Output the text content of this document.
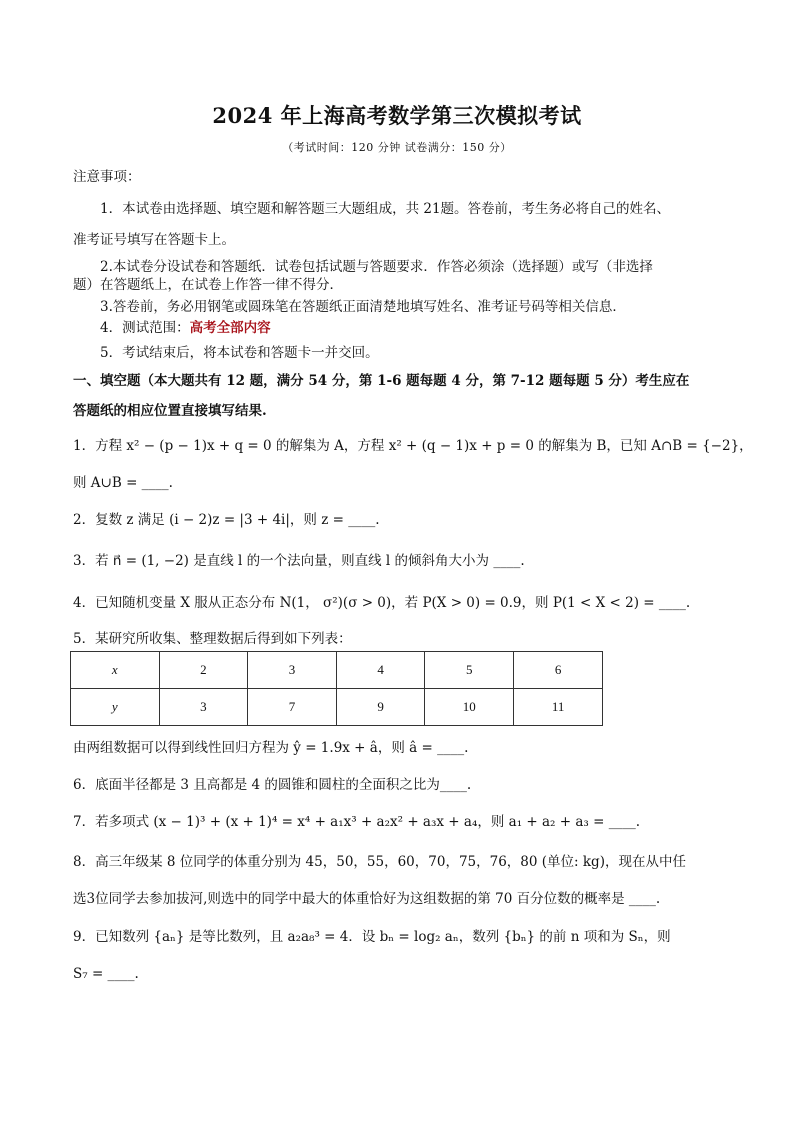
2024 年上海高考数学第三次模拟考试
（考试时间：120 分钟 试卷满分：150 分）
注意事项：
1．本试卷由选择题、填空题和解答题三大题组成，共 21题。答卷前，考生务必将自己的姓名、
准考证号填写在答题卡上。
2.本试卷分设试卷和答题纸．试卷包括试题与答题要求．作答必须涂（选择题）或写（非选择
题）在答题纸上，在试卷上作答一律不得分．
3.答卷前，务必用钢笔或圆珠笔在答题纸正面清楚地填写姓名、准考证号码等相关信息．
4．测试范围：高考全部内容
5．考试结束后，将本试卷和答题卡一并交回。
一、填空题（本大题共有 12 题，满分 54 分，第 1-6 题每题 4 分，第 7-12 题每题 5 分）考生应在
答题纸的相应位置直接填写结果.
1．方程 x² − (p − 1)x + q = 0 的解集为 A，方程 x² + (q − 1)x + p = 0 的解集为 B，已知 A∩B = {−2}，
则 A∪B = ____.
2．复数 z 满足 (i − 2)z = |3 + 4i|，则 z = ____.
3．若 n⃗ = (1, −2) 是直线 l 的一个法向量，则直线 l 的倾斜角大小为 ____.
4．已知随机变量 X 服从正态分布 N(1， σ²)(σ > 0)，若 P(X > 0) = 0.9，则 P(1 < X < 2) = ____.
5．某研究所收集、整理数据后得到如下列表：
x	2	3	4	5	6
y	3	7	9	10	11
由两组数据可以得到线性回归方程为 ŷ = 1.9x + â，则 â = ____.
6．底面半径都是 3 且高都是 4 的圆锥和圆柱的全面积之比为____.
7．若多项式 (x − 1)³ + (x + 1)⁴ = x⁴ + a₁x³ + a₂x² + a₃x + a₄，则 a₁ + a₂ + a₃ = ____.
8．高三年级某 8 位同学的体重分别为 45，50，55，60，70，75，76，80 (单位: kg)，现在从中任
选3位同学去参加拔河,则选中的同学中最大的体重恰好为这组数据的第 70 百分位数的概率是 ____.
9．已知数列 {aₙ} 是等比数列，且 a₂a₈³ = 4．设 bₙ = log₂ aₙ，数列 {bₙ} 的前 n 项和为 Sₙ，则
S₇ = ____.
